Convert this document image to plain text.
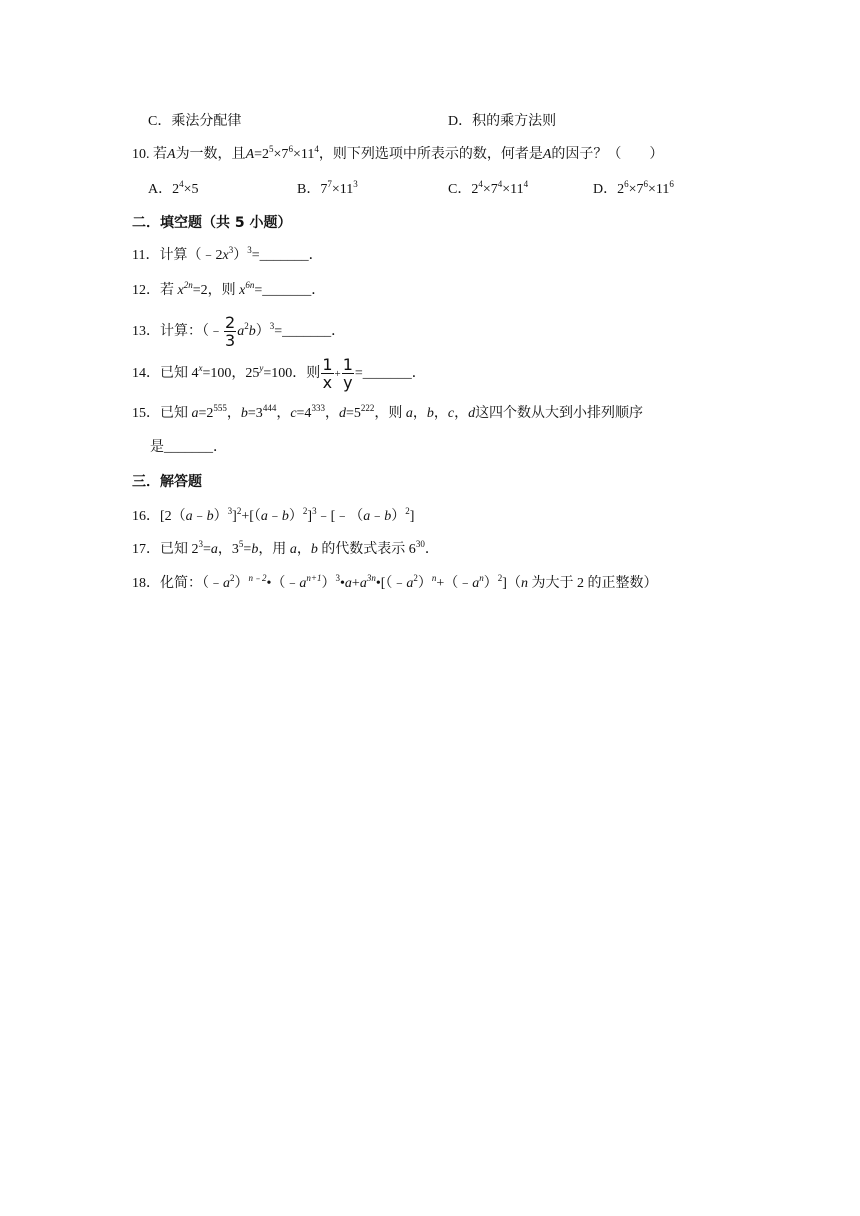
C．乘法分配律	D．积的乘方法则
10. 若A为一数，且$A=2^5\times 7^6\times 11^4$，则下列选项中所表示的数，何者是A的因子？（　　）
A．$2^4\times 5$	B．$7^7\times 11^3$	C．$2^4\times 7^4\times 11^4$	D．$2^6\times 7^6\times 11^6$
二．填空题（共 5 小题）
11．计算$(﹣2x^3)^3=\_\_\_\_\_\_\_$．
12．若 $x^{2n}=2$，则 $x^{6n}=\_\_\_\_\_\_\_$．
13．计算：（﹣ $\frac{2}{3}$ $a^2b)^3=\_\_\_\_\_\_\_$．
14．已知 $4^x=100$，$25^y=100$．则 $\frac{1}{x} + \frac{1}{y}$ =_______．
15．已知 $a=2^{555}$，$b=3^{444}$，$c=4^{333}$，$d=5^{222}$，则 a，b，c，d这四个数从大到小排列顺序
是_______．
三．解答题
16．[2（a﹣b）$^3$]$^2$+[（a﹣b）$^2$]$^3$﹣[﹣（a﹣b）$^2$]
17．已知 $2^3=a$，$3^5=b$，用 a，b 的代数式表示 $6^{30}$．
18．化简：$(﹣a^2)^{n﹣2}•(﹣a^{n+1})^3•a+a^{3n}•[(﹣a^2)^n+(﹣a^n)^2](n$ 为大于 2 的正整数）
